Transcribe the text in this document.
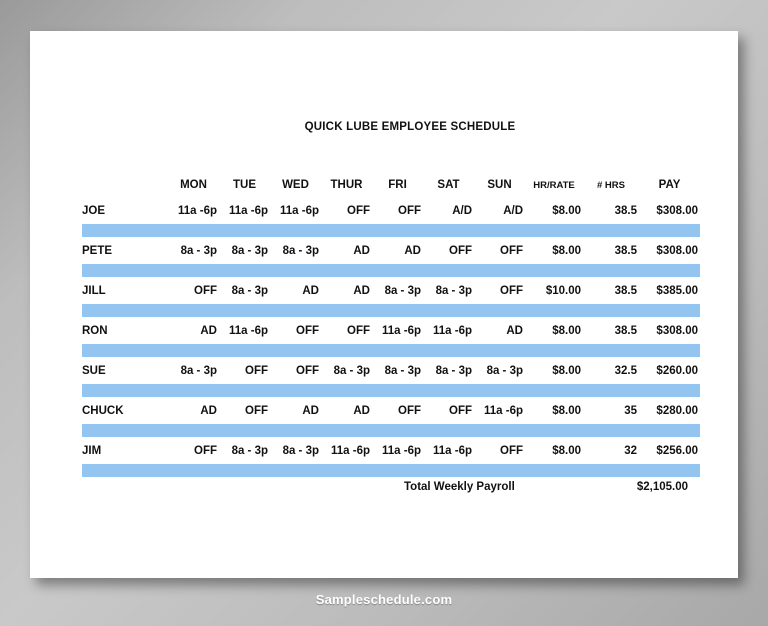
QUICK LUBE EMPLOYEE SCHEDULE
	MON	TUE	WED	THUR	FRI	SAT	SUN	HR/RATE	# HRS	PAY
JOE	11a -6p	11a -6p	11a -6p	OFF	OFF	A/D	A/D	$8.00	38.5	$308.00

PETE	8a - 3p	8a - 3p	8a - 3p	AD	AD	OFF	OFF	$8.00	38.5	$308.00

JILL	OFF	8a - 3p	AD	AD	8a - 3p	8a - 3p	OFF	$10.00	38.5	$385.00

RON	AD	11a -6p	OFF	OFF	11a -6p	11a -6p	AD	$8.00	38.5	$308.00

SUE	8a - 3p	OFF	OFF	8a - 3p	8a - 3p	8a - 3p	8a - 3p	$8.00	32.5	$260.00

CHUCK	AD	OFF	AD	AD	OFF	OFF	11a -6p	$8.00	35	$280.00

JIM	OFF	8a - 3p	8a - 3p	11a -6p	11a -6p	11a -6p	OFF	$8.00	32	$256.00

Total Weekly Payroll	$2,105.00
Sampleschedule.com
